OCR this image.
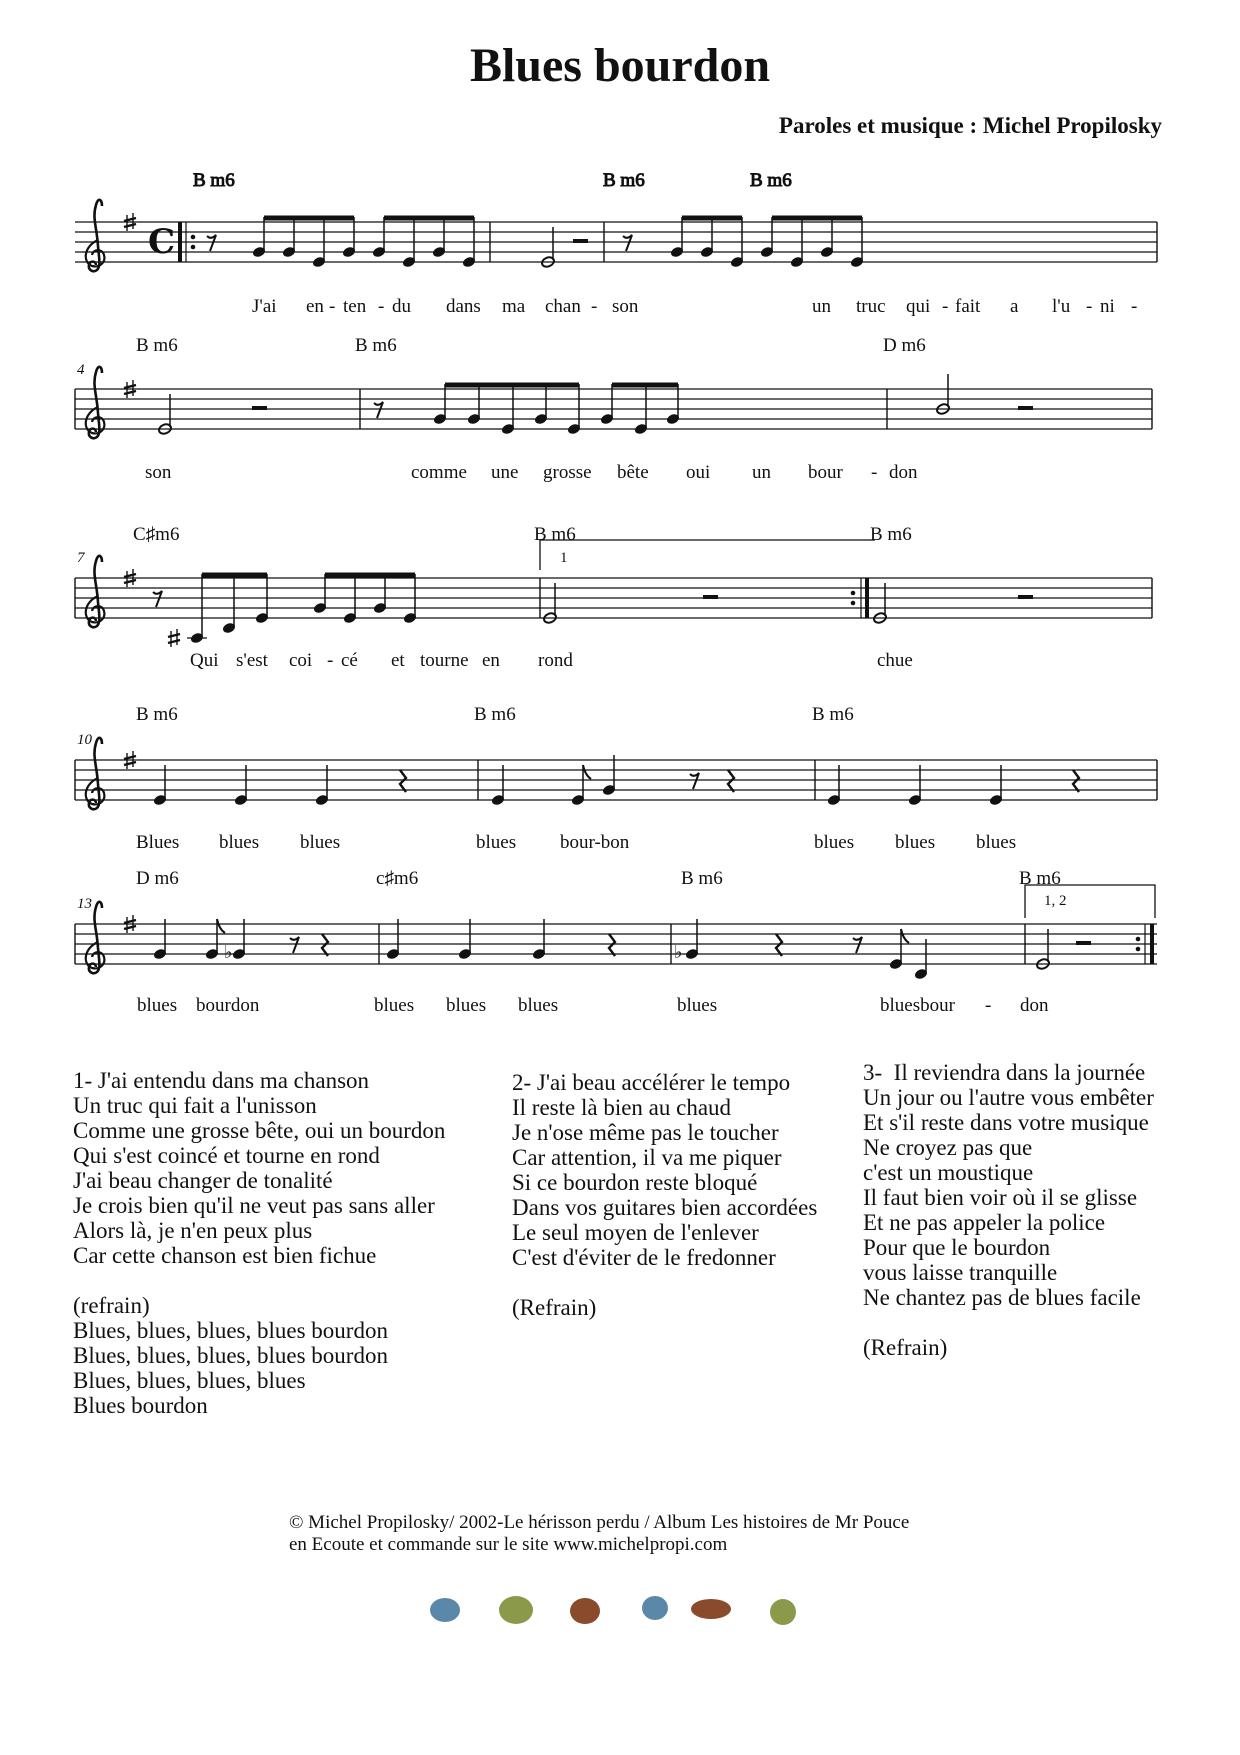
Blues bourdon
Paroles et musique : Michel Propilosky
B m6	B m6	B m6
C
J'ai en - ten - du dans ma chan - son	un truc qui - fait a l'u - ni -
4
B m6	B m6	D m6
son	comme une grosse bête oui un bour - don
7
C♯m6	B m6	B m6
1
Qui s'est coi - cé et tourne en rond	chue
10
B m6	B m6	B m6
Blues blues blues	blues bour-bon	blues blues blues
13
D m6	c♯m6	B m6	B m6
1, 2
♭	♭
blues bourdon	blues blues blues	blues	bluesbour - don
1- J'ai entendu dans ma chanson
Un truc qui fait a l'unisson
Comme une grosse bête, oui un bourdon
Qui s'est coincé et tourne en rond
J'ai beau changer de tonalité
Je crois bien qu'il ne veut pas sans aller
Alors là, je n'en peux plus
Car cette chanson est bien fichue
(refrain)
Blues, blues, blues, blues bourdon
Blues, blues, blues, blues bourdon
Blues, blues, blues, blues
Blues bourdon
2- J'ai beau accélérer le tempo
Il reste là bien au chaud
Je n'ose même pas le toucher
Car attention, il va me piquer
Si ce bourdon reste bloqué
Dans vos guitares bien accordées
Le seul moyen de l'enlever
C'est d'éviter de le fredonner
(Refrain)
3-  Il reviendra dans la journée
Un jour ou l'autre vous embêter
Et s'il reste dans votre musique
Ne croyez pas que
c'est un moustique
Il faut bien voir où il se glisse
Et ne pas appeler la police
Pour que le bourdon
vous laisse tranquille
Ne chantez pas de blues facile
(Refrain)
© Michel Propilosky/ 2002-Le hérisson perdu / Album Les histoires de Mr Pouce
en Ecoute et commande sur le site www.michelpropi.com
